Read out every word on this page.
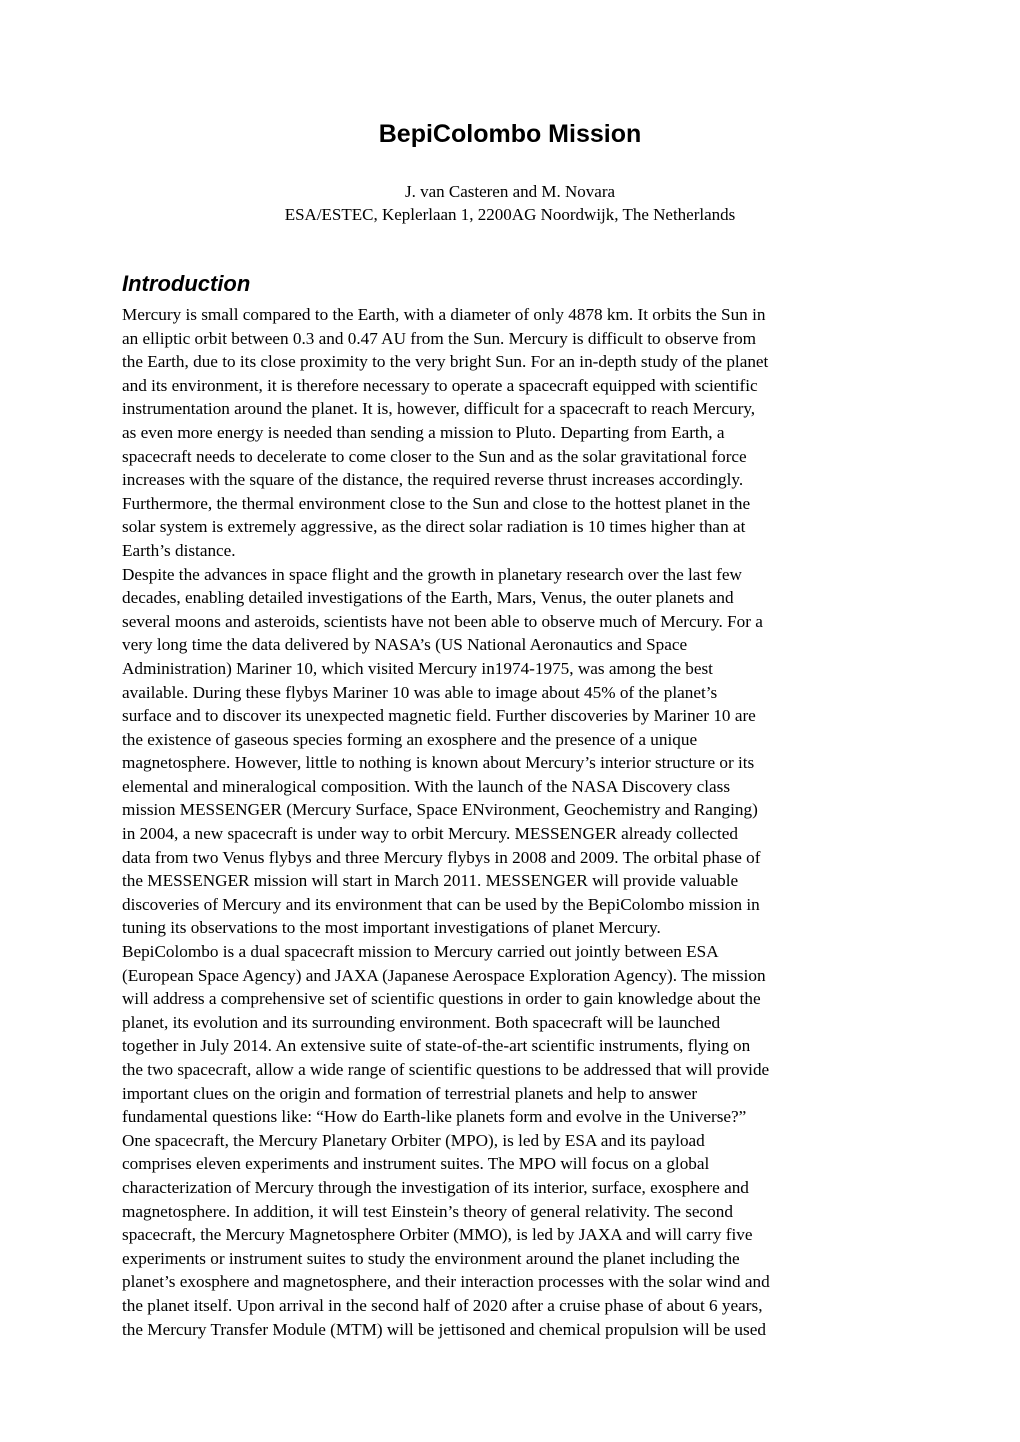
BepiColombo Mission
J. van Casteren and M. Novara
ESA/ESTEC, Keplerlaan 1, 2200AG Noordwijk, The Netherlands
Introduction
Mercury is small compared to the Earth, with a diameter of only 4878 km. It orbits the Sun in
an elliptic orbit between 0.3 and 0.47 AU from the Sun. Mercury is difficult to observe from
the Earth, due to its close proximity to the very bright Sun. For an in-depth study of the planet
and its environment, it is therefore necessary to operate a spacecraft equipped with scientific
instrumentation around the planet. It is, however, difficult for a spacecraft to reach Mercury,
as even more energy is needed than sending a mission to Pluto. Departing from Earth, a
spacecraft needs to decelerate to come closer to the Sun and as the solar gravitational force
increases with the square of the distance, the required reverse thrust increases accordingly.
Furthermore, the thermal environment close to the Sun and close to the hottest planet in the
solar system is extremely aggressive, as the direct solar radiation is 10 times higher than at
Earth’s distance.
Despite the advances in space flight and the growth in planetary research over the last few
decades, enabling detailed investigations of the Earth, Mars, Venus, the outer planets and
several moons and asteroids, scientists have not been able to observe much of Mercury. For a
very long time the data delivered by NASA’s (US National Aeronautics and Space
Administration) Mariner 10, which visited Mercury in1974-1975, was among the best
available. During these flybys Mariner 10 was able to image about 45% of the planet’s
surface and to discover its unexpected magnetic field. Further discoveries by Mariner 10 are
the existence of gaseous species forming an exosphere and the presence of a unique
magnetosphere. However, little to nothing is known about Mercury’s interior structure or its
elemental and mineralogical composition. With the launch of the NASA Discovery class
mission MESSENGER (Mercury Surface, Space ENvironment, Geochemistry and Ranging)
in 2004, a new spacecraft is under way to orbit Mercury. MESSENGER already collected
data from two Venus flybys and three Mercury flybys in 2008 and 2009. The orbital phase of
the MESSENGER mission will start in March 2011. MESSENGER will provide valuable
discoveries of Mercury and its environment that can be used by the BepiColombo mission in
tuning its observations to the most important investigations of planet Mercury.
BepiColombo is a dual spacecraft mission to Mercury carried out jointly between ESA
(European Space Agency) and JAXA (Japanese Aerospace Exploration Agency). The mission
will address a comprehensive set of scientific questions in order to gain knowledge about the
planet, its evolution and its surrounding environment. Both spacecraft will be launched
together in July 2014. An extensive suite of state-of-the-art scientific instruments, flying on
the two spacecraft, allow a wide range of scientific questions to be addressed that will provide
important clues on the origin and formation of terrestrial planets and help to answer
fundamental questions like: “How do Earth-like planets form and evolve in the Universe?”
One spacecraft, the Mercury Planetary Orbiter (MPO), is led by ESA and its payload
comprises eleven experiments and instrument suites. The MPO will focus on a global
characterization of Mercury through the investigation of its interior, surface, exosphere and
magnetosphere. In addition, it will test Einstein’s theory of general relativity. The second
spacecraft, the Mercury Magnetosphere Orbiter (MMO), is led by JAXA and will carry five
experiments or instrument suites to study the environment around the planet including the
planet’s exosphere and magnetosphere, and their interaction processes with the solar wind and
the planet itself. Upon arrival in the second half of 2020 after a cruise phase of about 6 years,
the Mercury Transfer Module (MTM) will be jettisoned and chemical propulsion will be used
